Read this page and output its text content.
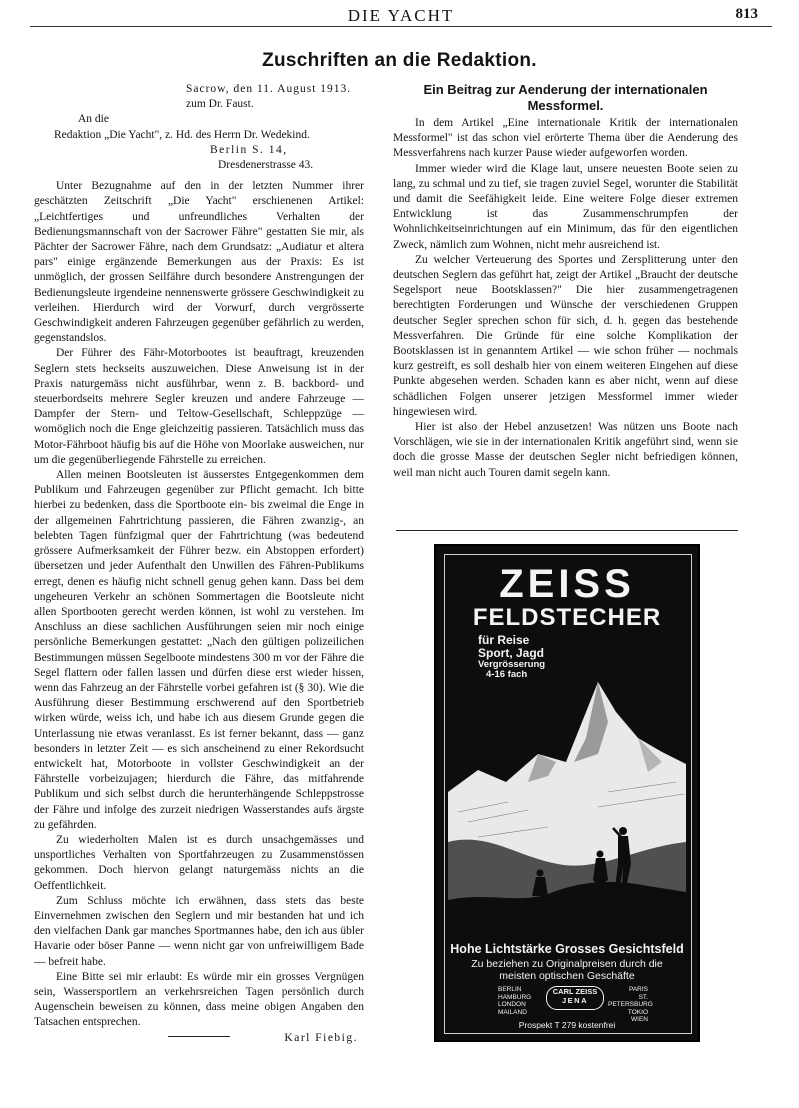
DIE YACHT	813
Zuschriften an die Redaktion.
Sacrow, den 11. August 1913.
zum Dr. Faust.
An die
Redaktion „Die Yacht", z. Hd. des Herrn Dr. Wedekind.
Berlin S. 14,
Dresdenerstrasse 43.

Unter Bezugnahme auf den in der letzten Nummer ihrer geschätzten Zeitschrift „Die Yacht" erschienenen Artikel: „Leichtfertiges und unfreundliches Verhalten der Bedienungsmannschaft von der Sacrower Fähre" gestatten Sie mir, als Pächter der Sacrower Fähre, nach dem Grundsatz: „Audiatur et altera pars" einige ergänzende Bemerkungen aus der Praxis: Es ist unmöglich, der grossen Seilfähre durch besondere Anstrengungen der Bedienungsleute irgendeine nennenswerte grössere Geschwindigkeit zu verleihen. Hierdurch wird der Vorwurf, durch vergrösserte Geschwindigkeit anderen Fahrzeugen gegenüber gefährlich zu werden, gegenstandslos.

Der Führer des Fähr-Motorbootes ist beauftragt, kreuzenden Seglern stets heckseits auszuweichen. Diese Anweisung ist in der Praxis naturgemäss nicht ausführbar, wenn z. B. backbord- und steuerbordseits mehrere Segler kreuzen und andere Fahrzeuge — Dampfer der Stern- und Teltow-Gesellschaft, Schleppzüge — womöglich noch die Enge gleichzeitig passieren. Tatsächlich muss das Motor-Fährboot häufig bis auf die Höhe von Moorlake ausweichen, nur um die gegenüberliegende Fährstelle zu erreichen.

Allen meinen Bootsleuten ist äusserstes Entgegenkommen dem Publikum und Fahrzeugen gegenüber zur Pflicht gemacht. Ich bitte hierbei zu bedenken, dass die Sportboote ein- bis zweimal die Enge in der allgemeinen Fahrtrichtung passieren, die Fähren zwanzig-, an belebten Tagen fünfzigmal quer der Fahrtrichtung (was bedeutend grössere Aufmerksamkeit der Führer bezw. ein Abstoppen erfordert) übersetzen und jeder Aufenthalt den Unwillen des Fähren-Publikums erregt, denen es häufig nicht schnell genug gehen kann. Dass bei dem ungeheuren Verkehr an schönen Sommertagen die Bootsleute nicht allen Sportbooten gerecht werden können, ist wohl zu verstehen. Im Anschluss an diese sachlichen Ausführungen seien mir noch einige persönliche Bemerkungen gestattet: „Nach den gültigen polizeilichen Bestimmungen müssen Segelboote mindestens 300 m vor der Fähre die Segel flattern oder fallen lassen und dürfen diese erst wieder hissen, wenn das Fahrzeug an der Fährstelle vorbei gefahren ist (§ 30). Wie die Ausführung dieser Bestimmung erschwerend auf den Sportbetrieb wirken würde, weiss ich, und habe ich aus diesem Grunde gegen die Unterlassung nie etwas veranlasst. Es ist ferner bekannt, dass — ganz besonders in letzter Zeit — es sich anscheinend zu einer Rekordsucht entwickelt hat, Motorboote in vollster Geschwindigkeit an der Fährstelle vorbeizujagen; hierdurch die Fähre, das mitfahrende Publikum und sich selbst durch die herunterhängende Schleppstrosse der Fähre und infolge des zurzeit niedrigen Wasserstandes aufs ärgste zu gefährden.

Zu wiederholten Malen ist es durch unsachgemässes und unsportliches Verhalten von Sportfahrzeugen zu Zusammenstössen gekommen. Doch hiervon gelangt naturgemäss nichts an die Oeffentlichkeit.

Zum Schluss möchte ich erwähnen, dass stets das beste Einvernehmen zwischen den Seglern und mir bestanden hat und ich den vielfachen Dank gar manches Sportmannes habe, den ich aus übler Havarie oder böser Panne — wenn nicht gar von unfreiwilligem Bade — befreit habe.

Eine Bitte sei mir erlaubt: Es würde mir ein grosses Vergnügen sein, Wassersportlern an verkehrsreichen Tagen persönlich durch Augenschein beweisen zu können, dass meine obigen Angaben den Tatsachen entsprechen.

Karl Fiebig.
Ein Beitrag zur Aenderung der internationalen Messformel.

In dem Artikel „Eine internationale Kritik der internationalen Messformel" ist das schon viel erörterte Thema über die Aenderung des Messverfahrens nach kurzer Pause wieder aufgeworfen worden.

Immer wieder wird die Klage laut, unsere neuesten Boote seien zu lang, zu schmal und zu tief, sie tragen zuviel Segel, worunter die Stabilität und damit die Seefähigkeit leide. Eine weitere Folge dieser extremen Entwicklung ist das Zusammenschrumpfen der Wohnlichkeitseinrichtungen auf ein Minimum, das für den eigentlichen Zweck, nämlich zum Wohnen, nicht mehr ausreichend ist.

Zu welcher Verteuerung des Sportes und Zersplitterung unter den deutschen Seglern das geführt hat, zeigt der Artikel „Braucht der deutsche Segelsport neue Bootsklassen?" Die hier zusammengetragenen berechtigten Forderungen und Wünsche der verschiedenen Gruppen deutscher Segler sprechen schon für sich, d. h. gegen das bestehende Messverfahren. Die Gründe für eine solche Komplikation der Bootsklassen ist in genanntem Artikel — wie schon früher — nochmals kurz gestreift, es soll deshalb hier von einem weiteren Eingehen auf diese Punkte abgesehen werden. Schaden kann es aber nicht, wenn auf diese schädlichen Folgen unserer jetzigen Messformel immer wieder hingewiesen wird.

Hier ist also der Hebel anzusetzen! Was nützen uns Boote nach Vorschlägen, wie sie in der internationalen Kritik angeführt sind, wenn sie doch die grosse Masse der deutschen Segler nicht befriedigen können, weil man nicht auch Touren damit segeln kann.

ZEISS
FELDSTECHER
für Reise
Sport, Jagd
Vergrösserung
4-16 fach
Hohe Lichtstärke Grosses Gesichtsfeld
Zu beziehen zu Originalpreisen durch die
meisten optischen Geschäfte
BERLIN
HAMBURG
LONDON
MAILAND
CARL ZEISS
JENA
PARIS
ST. PETERSBURG
TOKIO
WIEN
Prospekt T 279 kostenfrei
